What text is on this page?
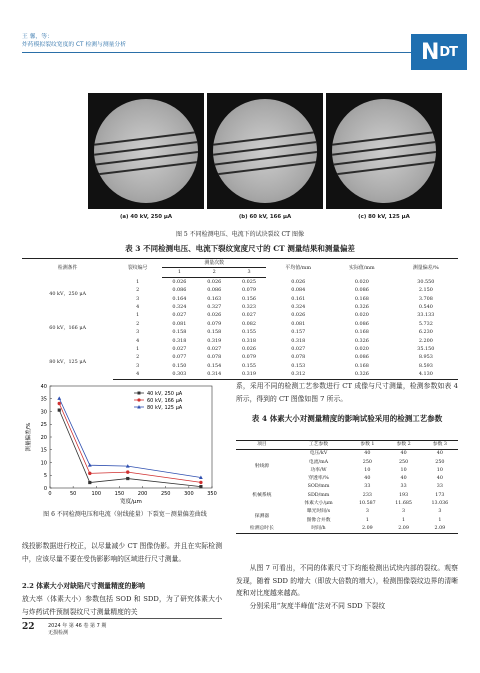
王 馨，等：
炸药模拟裂纹宽度的 CT 检测与测量分析	N DT
(a) 40 kV, 250 μA	(b) 60 kV, 166 μA	(c) 80 kV, 125 μA
图 5 不同检测电压、电流下的试块裂纹 CT 图像
表 3 不同检测电压、电流下裂纹宽度尺寸的 CT 测量结果和测量偏差
检测条件	裂纹编号	测量次数			平均值/mm	实际值/mm	测量偏差/%
		1	2	3			
40 kV，250 μA	1	0.026	0.026	0.025	0.026	0.020	30.550
	2	0.086	0.086	0.079	0.084	0.086	2.150
	3	0.164	0.163	0.156	0.161	0.168	3.708
	4	0.324	0.327	0.323	0.324	0.326	0.540
60 kV，166 μA	1	0.027	0.026	0.027	0.026	0.020	33.133
	2	0.081	0.079	0.082	0.081	0.086	5.732
	3	0.158	0.158	0.155	0.157	0.168	6.230
	4	0.318	0.319	0.318	0.318	0.326	2.200
80 kV，125 μA	1	0.027	0.027	0.026	0.027	0.020	35.150
	2	0.077	0.078	0.079	0.078	0.086	8.953
	3	0.150	0.154	0.155	0.153	0.168	8.593
	4	0.303	0.314	0.319	0.312	0.326	4.130
0	50	100	150	200	250	300	350
0
5
10
15
20
25
30
35
40
宽度/μm
测量偏差/%
40 kV, 250 μA
60 kV, 166 μA
80 kV, 125 μA
图 6 不同检测电压和电流（射线能量）下裂宽－测量偏差曲线
线投影数据进行校正，以尽量减少 CT 图像伪影。并且在实际检测中，应该尽量不要在受伪影影响的区域进行尺寸测量。
2.2 体素大小对缺陷尺寸测量精度的影响
放大率（体素大小）参数包括 SOD 和 SDD，为了研究体素大小与炸药试件预制裂纹尺寸测量精度的关
系，采用不同的检测工艺参数进行 CT 成像与尺寸测量，检测参数如表 4 所示，得到的 CT 图像如图 7 所示。
表 4 体素大小对测量精度的影响试验采用的检测工艺参数
项目	工艺参数	参数 1	参数 2	参数 3
射线源	电压/kV	40	40	40
	电流/mA	250	250	250
	功率/W	10	10	10
	穿透率/%	40	40	40
机械系统	SOD/mm	33	33	33
	SDD/mm	233	193	173
	体素大小/μm	10.587	11.685	13.036
探测器	曝光时间/s	3	3	3
	图像合并数	1	1	1
检测总时长	时间/h	2.09	2.09	2.09
从图 7 可看出，不同的体素尺寸下均能检测出试块内部的裂纹。观察发现，随着 SDD 的增大（即放大倍数的增大），检测图像裂纹边界的清晰度和对比度越来越高。
分别采用“灰度半峰值”法对不同 SDD 下裂纹
22	2024 年 第 46 卷 第 7 期
无损检测
